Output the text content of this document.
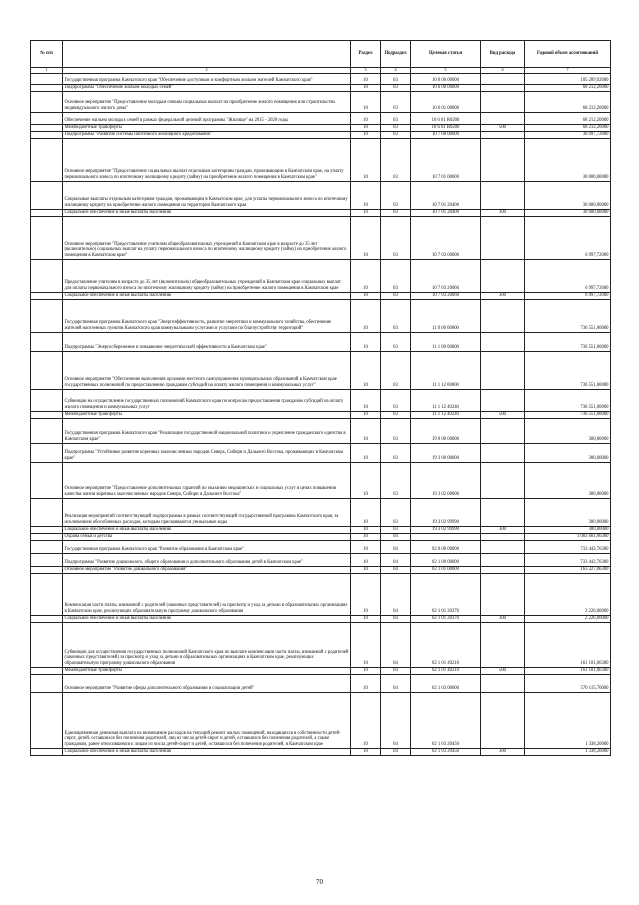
№ п/п		Раздел	Подраздел	Целевая статья	Вид расхода	Годовой объем ассигнований
1	2	3	4	5	6	7
	Государственная программа Камчатского края "Обеспечение доступным и комфортным жильем жителей Камчатского края"	10	03	10 0 00 00000		105 209,92000
	Подпрограмма "Обеспечение жильем молодых семей"	10	03	10 6 00 00000		68 212,20000
	Основное мероприятие "Предоставление молодым семьям социальных выплат на приобретение жилого помещения или строительство индивидуального жилого дома"	10	03	10 6 01 00000		68 212,20000
	Обеспечение жильем молодых семей в рамках федеральной целевой программы "Жилище" на 2015 - 2020 годы	10	03	10 6 01 R0200		68 212,20000
	Межбюджетные трансферты	10	03	10 6 01 R0200	500	68 212,20000
	Подпрограмма "Развитие системы ипотечного жилищного кредитования"	10	03	10 7 00 00000		36 997,72000
	Основное мероприятие "Предоставление социальных выплат отдельным категориям граждан, проживающим в Камчатском крае, на уплату первоначального взноса по ипотечному жилищному кредиту (займу) на приобретение жилого помещения в Камчатском крае"	10	03	10 7 01 00000		30 000,00000
	Социальные выплаты отдельным категориям граждан, проживающим в Камчатском крае, для уплаты первоначального взноса по ипотечному жилищному кредиту на приобретение жилого помещения на территории Камчатского края	10	03	10 7 01 20400		30 000,00000
	Социальное обеспечение и иные выплаты населению	10	03	10 7 01 20400	300	30 000,00000
	Основное мероприятие "Предоставление учителям общеобразовательных учреждений в Камчатском крае в возрасте до 35 лет (включительно) социальных выплат на уплату первоначального взноса по ипотечному жилищному кредиту (займу) на приобретение жилого помещения в Камчатском крае"	10	03	10 7 03 00000		6 997,72000
	Предоставление учителям в возрасте до 35 лет (включительно) общеобразовательных учреждений в Камчатском крае социальных выплат для оплаты первоначального взноса по ипотечному жилищному кредиту (займу) на приобретение жилого помещения в Камчатском крае	10	03	10 7 03 20060		6 997,72000
	Социальное обеспечение и иные выплаты населению	10	03	10 7 03 20060	300	6 997,72000
	Государственная программа Камчатского края "Энергоэффективность, развитие энергетики и коммунального хозяйства, обеспечение жителей населенных пунктов Камчатского края коммунальными услугами и услугами по благоустройству территорий"	10	03	11 0 00 00000		736 551,00000
	Подпрограмма "Энергосбережение и повышение энергетической эффективности в Камчатском крае"	10	03	11 1 00 00000		736 551,00000
	Основное мероприятие "Обеспечение выполнения органами местного самоуправления муниципальных образований в Камчатском крае государственных полномочий по предоставлению гражданам субсидий на оплату жилого помещения и коммунальных услуг"	10	03	11 1 12 00000		736 551,00000
	Субвенции на осуществление государственных полномочий Камчатского края по вопросам предоставления гражданам субсидий на оплату жилого помещения и коммунальных услуг	10	03	11 1 12 40240		736 551,00000
	Межбюджетные трансферты	10	03	11 1 12 40240	500	736 551,00000
	Государственная программа Камчатского края "Реализация государственной национальной политики и укрепление гражданского единства в Камчатском крае"	10	03	19 0 00 00000		300,00000
	Подпрограмма "Устойчивое развитие коренных малочисленных народов Севера, Сибири и Дальнего Востока, проживающих в Камчатском крае"	10	03	19 3 00 00000		300,00000
	Основное мероприятие "Предоставление дополнительных гарантий по оказанию медицинских и социальных услуг в целях повышения качества жизни коренных малочисленных народов Севера, Сибири и Дальнего Востока"	10	03	19 3 02 00000		300,00000
	Реализация мероприятий соответствующей подпрограммы в рамках соответствующей государственной программы Камчатского края, за исключением обособленных расходов, которым присваиваются уникальные коды	10	03	19 3 02 99990		300,00000
	Социальное обеспечение и иные выплаты населению	10	03	19 3 02 99990	300	300,00000
	Охрана семьи и детства	10	04			1 083 681,06300
	Государственная программа Камчатского края "Развитие образования в Камчатском крае"	10	04	02 0 00 00000		733 442,76300
	Подпрограмма "Развитие дошкольного, общего образования и дополнительного образования детей в Камчатском крае"	10	04	02 1 00 00000		733 442,76300
	Основное мероприятие "Развитие дошкольного образования"	10	04	02 1 01 00000		163 327,06300
	Компенсация части платы, взимаемой с родителей (законных представителей) за присмотр и уход за детьми в образовательных организациях в Камчатском крае, реализующих образовательную программу дошкольного образования	10	04	02 1 01 20370		2 226,00000
	Социальное обеспечение и иные выплаты населению	10	04	02 1 01 20370	300	2 226,00000
	Субвенции для осуществления государственных полномочий Камчатского края по выплате компенсации части платы, взимаемой с родителей (законных представителей) за присмотр и уход за детьми в образовательных организациях в Камчатском крае, реализующих образовательную программу дошкольного образования	10	04	02 1 01 40210		161 101,06300
	Межбюджетные трансферты	10	04	02 1 01 40210	500	161 101,06300
	Основное мероприятие "Развитие сферы дополнительного образования и социализации детей"	10	04	02 1 03 00000		570 115,70000
	Единовременная денежная выплата на возмещение расходов на текущий ремонт жилых помещений, находящихся в собственности детей-сирот, детей, оставшихся без попечения родителей, лиц из числа детей-сирот и детей, оставшихся без попечения родителей, а также гражданам, ранее относившимся к лицам из числа детей-сирот и детей, оставшихся без попечения родителей, в Камчатском крае	10	04	02 1 03 20450		1 338,20000
	Социальное обеспечение и иные выплаты населению	10	04	02 1 03 20450	300	1 338,20000
70
